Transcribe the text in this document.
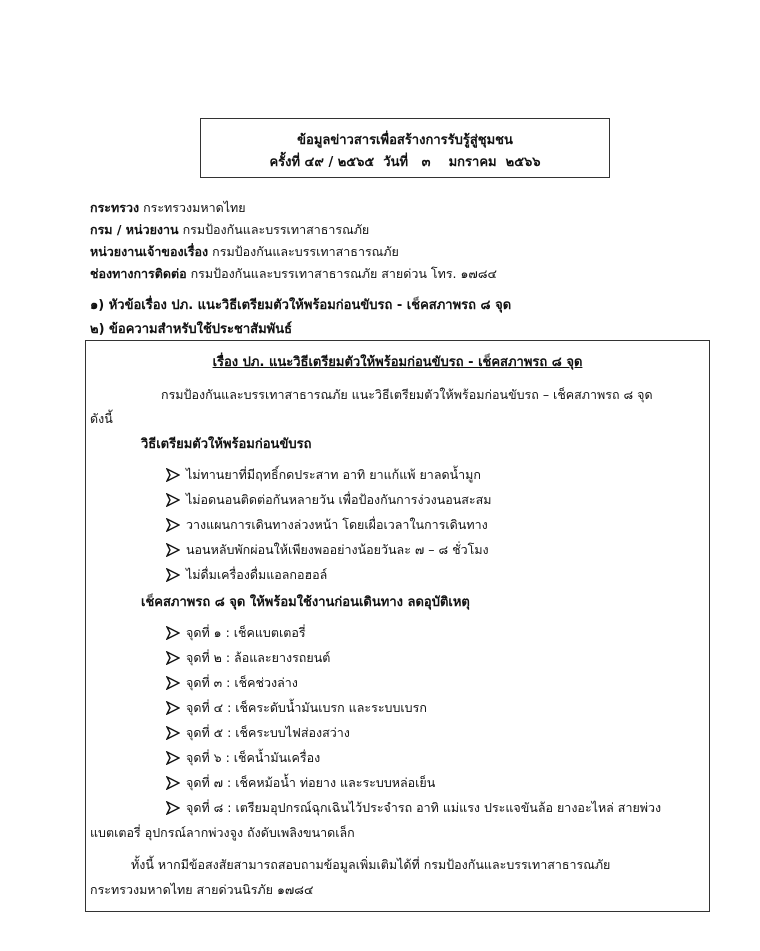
ข้อมูลข่าวสารเพื่อสร้างการรับรู้สู่ชุมชน
ครั้งที่ ๔๙ / ๒๕๖๕  วันที่   ๓    มกราคม  ๒๕๖๖
กระทรวง กระทรวงมหาดไทย
กรม / หน่วยงาน กรมป้องกันและบรรเทาสาธารณภัย
หน่วยงานเจ้าของเรื่อง กรมป้องกันและบรรเทาสาธารณภัย
ช่องทางการติดต่อ กรมป้องกันและบรรเทาสาธารณภัย สายด่วน โทร. ๑๗๘๔
๑) หัวข้อเรื่อง ปภ. แนะวิธีเตรียมตัวให้พร้อมก่อนขับรถ - เช็คสภาพรถ ๘ จุด
๒) ข้อความสำหรับใช้ประชาสัมพันธ์
เรื่อง ปภ. แนะวิธีเตรียมตัวให้พร้อมก่อนขับรถ - เช็คสภาพรถ ๘ จุด
กรมป้องกันและบรรเทาสาธารณภัย แนะวิธีเตรียมตัวให้พร้อมก่อนขับรถ – เช็คสภาพรถ ๘ จุด
ดังนี้
วิธีเตรียมตัวให้พร้อมก่อนขับรถ
ไม่ทานยาที่มีฤทธิ์กดประสาท อาทิ ยาแก้แพ้ ยาลดน้ำมูก
ไม่อดนอนติดต่อกันหลายวัน เพื่อป้องกันการง่วงนอนสะสม
วางแผนการเดินทางล่วงหน้า โดยเผื่อเวลาในการเดินทาง
นอนหลับพักผ่อนให้เพียงพออย่างน้อยวันละ ๗ – ๘ ชั่วโมง
ไม่ดื่มเครื่องดื่มแอลกอฮอล์
เช็คสภาพรถ ๘ จุด ให้พร้อมใช้งานก่อนเดินทาง ลดอุบัติเหตุ
จุดที่ ๑ : เช็คแบตเตอรี่
จุดที่ ๒ : ล้อและยางรถยนต์
จุดที่ ๓ : เช็คช่วงล่าง
จุดที่ ๔ : เช็คระดับน้ำมันเบรก และระบบเบรก
จุดที่ ๕ : เช็คระบบไฟส่องสว่าง
จุดที่ ๖ : เช็คน้ำมันเครื่อง
จุดที่ ๗ : เช็คหม้อน้ำ ท่อยาง และระบบหล่อเย็น
จุดที่ ๘ : เตรียมอุปกรณ์ฉุกเฉินไว้ประจำรถ อาทิ แม่แรง ประแจขันล้อ ยางอะไหล่ สายพ่วง
แบตเตอรี่ อุปกรณ์ลากพ่วงจูง ถังดับเพลิงขนาดเล็ก
ทั้งนี้ หากมีข้อสงสัยสามารถสอบถามข้อมูลเพิ่มเติมได้ที่ กรมป้องกันและบรรเทาสาธารณภัย
กระทรวงมหาดไทย สายด่วนนิรภัย ๑๗๘๔
